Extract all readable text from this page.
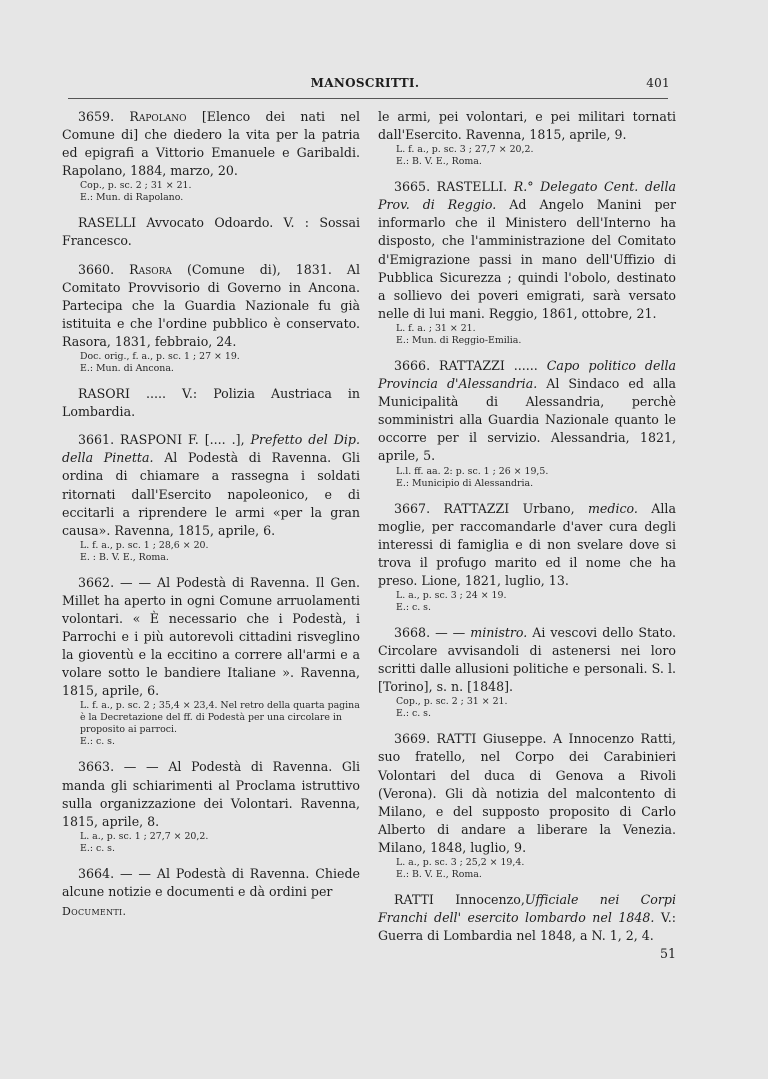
MANOSCRITTI.	401
3659. Rapolano [Elenco dei nati nel Comune di] che diedero la vita per la patria ed epigrafi a Vittorio Emanuele e Garibaldi. Rapolano, 1884, marzo, 20.
Cop., p. sc. 2 ; 31 × 21.
E.: Mun. di Rapolano.
RASELLI Avvocato Odoardo. V. : Sossai Francesco.
3660. Rasora (Comune di), 1831. Al Comitato Provvisorio di Governo in Ancona. Partecipa che la Guardia Nazionale fu già istituita e che l'ordine pubblico è conservato. Rasora, 1831, febbraio, 24.
Doc. orig., f. a., p. sc. 1 ; 27 × 19.
E.: Mun. di Ancona.
RASORI ..... V.: Polizia Austriaca in Lombardia.
3661. RASPONI F. [.... .], Prefetto del Dip. della Pinetta. Al Podestà di Ravenna. Gli ordina di chiamare a rassegna i soldati ritornati dall'Esercito napoleonico, e di eccitarli a riprendere le armi «per la gran causa». Ravenna, 1815, aprile, 6.
L. f. a., p. sc. 1 ; 28,6 × 20.
E. : B. V. E., Roma.
3662. — — Al Podestà di Ravenna. Il Gen. Millet ha aperto in ogni Comune arruolamenti volontari. « È necessario che i Podestà, i Parrochi e i più autorevoli cittadini risveglino la gioventù e la eccitino a correre all'armi e a volare sotto le bandiere Italiane ». Ravenna, 1815, aprile, 6.
L. f. a., p. sc. 2 ; 35,4 × 23,4. Nel retro della quarta pagina è la Decretazione del ff. di Podestà per una circolare in proposito ai parroci.
E.: c. s.
3663. — — Al Podestà di Ravenna. Gli manda gli schiarimenti al Proclama istruttivo sulla organizzazione dei Volontari. Ravenna, 1815, aprile, 8.
L. a., p. sc. 1 ; 27,7 × 20,2.
E.: c. s.
3664. — — Al Podestà di Ravenna. Chiede alcune notizie e documenti e dà ordini per
Documenti.
le armi, pei volontari, e pei militari tornati dall'Esercito. Ravenna, 1815, aprile, 9.
L. f. a., p. sc. 3 ; 27,7 × 20,2.
E.: B. V. E., Roma.
3665. RASTELLI. R.° Delegato Cent. della Prov. di Reggio. Ad Angelo Manini per informarlo che il Ministero dell'Interno ha disposto, che l'amministrazione del Comitato d'Emigrazione passi in mano dell'Uffizio di Pubblica Sicurezza ; quindi l'obolo, destinato a sollievo dei poveri emigrati, sarà versato nelle di lui mani. Reggio, 1861, ottobre, 21.
L. f. a. ; 31 × 21.
E.: Mun. di Reggio-Emilia.
3666. RATTAZZI ...... Capo politico della Provincia d'Alessandria. Al Sindaco ed alla Municipalità di Alessandria, perchè somministri alla Guardia Nazionale quanto le occorre per il servizio. Alessandria, 1821, aprile, 5.
L.l. ff. aa. 2: p. sc. 1 ; 26 × 19,5.
E.: Municipio di Alessandria.
3667. RATTAZZI Urbano, medico. Alla moglie, per raccomandarle d'aver cura degli interessi di famiglia e di non svelare dove si trova il profugo marito ed il nome che ha preso. Lione, 1821, luglio, 13.
L. a., p. sc. 3 ; 24 × 19.
E.: c. s.
3668. — — ministro. Ai vescovi dello Stato. Circolare avvisandoli di astenersi nei loro scritti dalle allusioni politiche e personali. S. l. [Torino], s. n. [1848].
Cop., p. sc. 2 ; 31 × 21.
E.: c. s.
3669. RATTI Giuseppe. A Innocenzo Ratti, suo fratello, nel Corpo dei Carabinieri Volontari del duca di Genova a Rivoli (Verona). Gli dà notizia del malcontento di Milano, e del supposto proposito di Carlo Alberto di andare a liberare la Venezia. Milano, 1848, luglio, 9.
L. a., p. sc. 3 ; 25,2 × 19,4.
E.: B. V. E., Roma.
RATTI Innocenzo,Ufficiale nei Corpi Franchi dell' esercito lombardo nel 1848. V.: Guerra di Lombardia nel 1848, a N. 1, 2, 4.
51
